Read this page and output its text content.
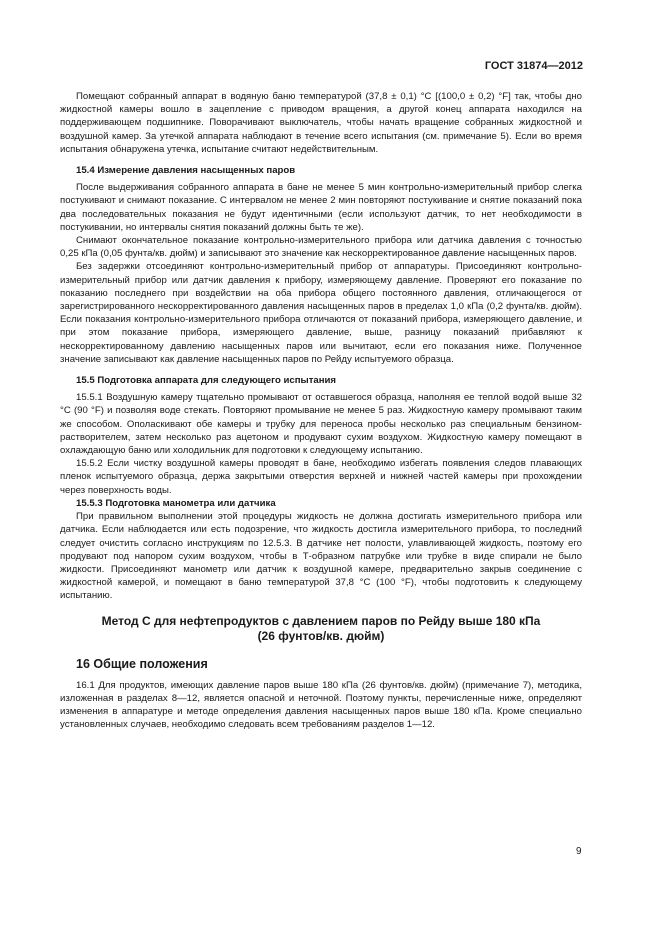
ГОСТ 31874—2012

Помещают собранный аппарат в водяную баню температурой (37,8 ± 0,1) °С [(100,0 ± 0,2) °F] так, чтобы дно жидкостной камеры вошло в зацепление с приводом вращения, а другой конец аппарата находился на поддерживающем подшипнике. Поворачивают выключатель, чтобы начать вращение собранных жидкостной и воздушной камер. За утечкой аппарата наблюдают в течение всего испытания (см. примечание 5). Если во время испытания обнаружена утечка, испытание считают недействительным.

15.4 Измерение давления насыщенных паров

После выдерживания собранного аппарата в бане не менее 5 мин контрольно-измерительный прибор слегка постукивают и снимают показание. С интервалом не менее 2 мин повторяют постукивание и снятие показаний пока два последовательных показания не будут идентичными (если используют датчик, то нет необходимости в постукивании, но интервалы снятия показаний должны быть те же).

Снимают окончательное показание контрольно-измерительного прибора или датчика давления с точностью 0,25 кПа (0,05 фунта/кв. дюйм) и записывают это значение как нескорректированное давление насыщенных паров.

Без задержки отсоединяют контрольно-измерительный прибор от аппаратуры. Присоединяют контрольно-измерительный прибор или датчик давления к прибору, измеряющему давление. Проверяют его показание по показанию последнего при воздействии на оба прибора общего постоянного давления, отличающегося от зарегистрированного нескорректированного давления насыщенных паров в пределах 1,0 кПа (0,2 фунта/кв. дюйм). Если показания контрольно-измерительного прибора отличаются от показаний прибора, измеряющего давление, и при этом показание прибора, измеряющего давление, выше, разницу показаний прибавляют к нескорректированному давлению насыщенных паров или вычитают, если его показания ниже. Полученное значение записывают как давление насыщенных паров по Рейду испытуемого образца.

15.5 Подготовка аппарата для следующего испытания

15.5.1 Воздушную камеру тщательно промывают от оставшегося образца, наполняя ее теплой водой выше 32 °С (90 °F) и позволяя воде стекать. Повторяют промывание не менее 5 раз. Жидкостную камеру промывают таким же способом. Ополаскивают обе камеры и трубку для переноса пробы несколько раз специальным бензином-растворителем, затем несколько раз ацетоном и продувают сухим воздухом. Жидкостную камеру помещают в охлаждающую баню или холодильник для подготовки к следующему испытанию.

15.5.2 Если чистку воздушной камеры проводят в бане, необходимо избегать появления следов плавающих пленок испытуемого образца, держа закрытыми отверстия верхней и нижней частей камеры при прохождении через поверхность воды.

15.5.3 Подготовка манометра или датчика

При правильном выполнении этой процедуры жидкость не должна достигать измерительного прибора или датчика. Если наблюдается или есть подозрение, что жидкость достигла измерительного прибора, то последний следует очистить согласно инструкциям по 12.5.3. В датчике нет полости, улавливающей жидкость, поэтому его продувают под напором сухим воздухом, чтобы в Т-образном патрубке или трубке в виде спирали не было жидкости. Присоединяют манометр или датчик к воздушной камере, предварительно закрыв соединение с жидкостной камерой, и помещают в баню температурой 37,8 °С (100 °F), чтобы подготовить к следующему испытанию.

Метод С для нефтепродуктов с давлением паров по Рейду выше 180 кПа
(26 фунтов/кв. дюйм)
16 Общие положения

16.1 Для продуктов, имеющих давление паров выше 180 кПа (26 фунтов/кв. дюйм) (примечание 7), методика, изложенная в разделах 8—12, является опасной и неточной. Поэтому пункты, перечисленные ниже, определяют изменения в аппаратуре и методе определения давления насыщенных паров выше 180 кПа. Кроме специально установленных случаев, необходимо следовать всем требованиям разделов 1—12.

9
